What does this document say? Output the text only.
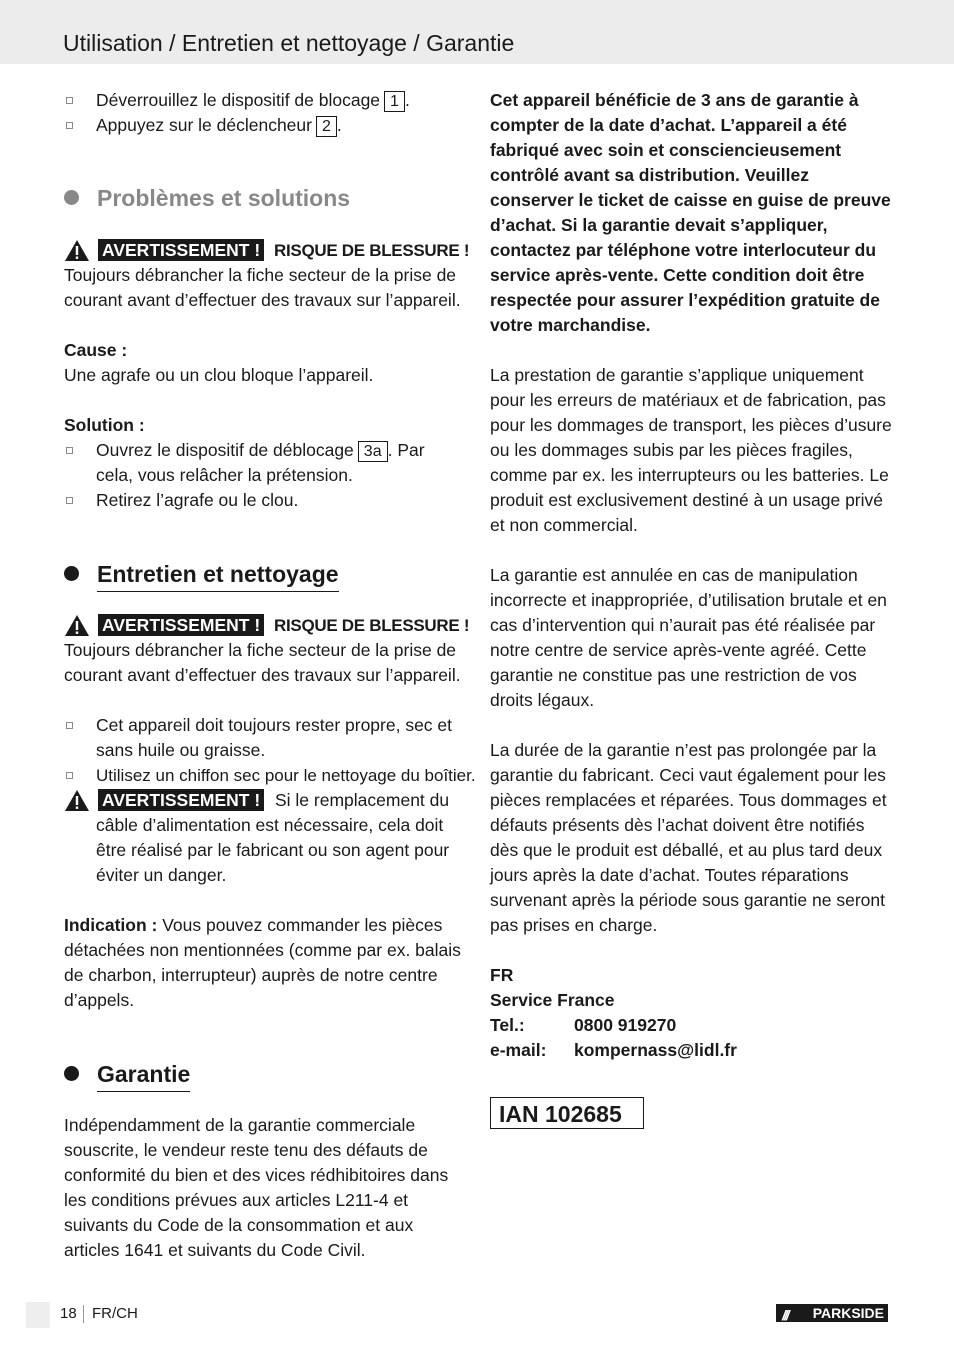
Utilisation / Entretien et nettoyage / Garantie

Déverrouillez le dispositif de blocage 1 .

Appuyez sur le déclencheur 2 .

Problèmes et solutions
AVERTISSEMENT ! RISQUE DE BLESSURE !

Toujours débrancher la fiche secteur de la prise de courant avant d’effectuer des travaux sur l’appareil.

Cause :

Une agrafe ou un clou bloque l’appareil.

Solution :

Ouvrez le dispositif de déblocage 3a . Par cela, vous relâcher la prétension.

Retirez l’agrafe ou le clou.

Entretien et nettoyage
AVERTISSEMENT ! RISQUE DE BLESSURE !

Toujours débrancher la fiche secteur de la prise de courant avant d’effectuer des travaux sur l’appareil.

Cet appareil doit toujours rester propre, sec et sans huile ou graisse.

Utilisez un chiffon sec pour le nettoyage du boîtier.

AVERTISSEMENT ! Si le remplacement du

câble d’alimentation est nécessaire, cela doit être réalisé par le fabricant ou son agent pour éviter un danger.

Indication : Vous pouvez commander les pièces détachées non mentionnées (comme par ex. balais de charbon, interrupteur) auprès de notre centre d’appels.

Garantie

Indépendamment de la garantie commerciale souscrite, le vendeur reste tenu des défauts de conformité du bien et des vices rédhibitoires dans les conditions prévues aux articles L211-4 et suivants du Code de la consommation et aux articles 1641 et suivants du Code Civil.

Cet appareil bénéficie de 3 ans de garantie à compter de la date d’achat. L’appareil a été fabriqué avec soin et consciencieusement contrôlé avant sa distribution. Veuillez conserver le ticket de caisse en guise de preuve d’achat. Si la garantie devait s’appliquer, contactez par téléphone votre interlocuteur du service après-vente. Cette condition doit être respectée pour assurer l’expédition gratuite de votre marchandise.

La prestation de garantie s’applique uniquement pour les erreurs de matériaux et de fabrication, pas pour les dommages de transport, les pièces d’usure ou les dommages subis par les pièces fragiles, comme par ex. les interrupteurs ou les batteries. Le produit est exclusivement destiné à un usage privé et non commercial.

La garantie est annulée en cas de manipulation incorrecte et inappropriée, d’utilisation brutale et en cas d’intervention qui n’aurait pas été réalisée par notre centre de service après-vente agréé. Cette garantie ne constitue pas une restriction de vos droits légaux.

La durée de la garantie n’est pas prolongée par la garantie du fabricant. Ceci vaut également pour les pièces remplacées et réparées. Tous dommages et défauts présents dès l’achat doivent être notifiés dès que le produit est déballé, et au plus tard deux jours après la date d’achat. Toutes réparations survenant après la période sous garantie ne seront pas prises en charge.

FR

Service France

Tel.:	0800 919270
e-mail:	kompernass@lidl.fr
IAN 102685
18 FR/CH	/// PARKSIDE
